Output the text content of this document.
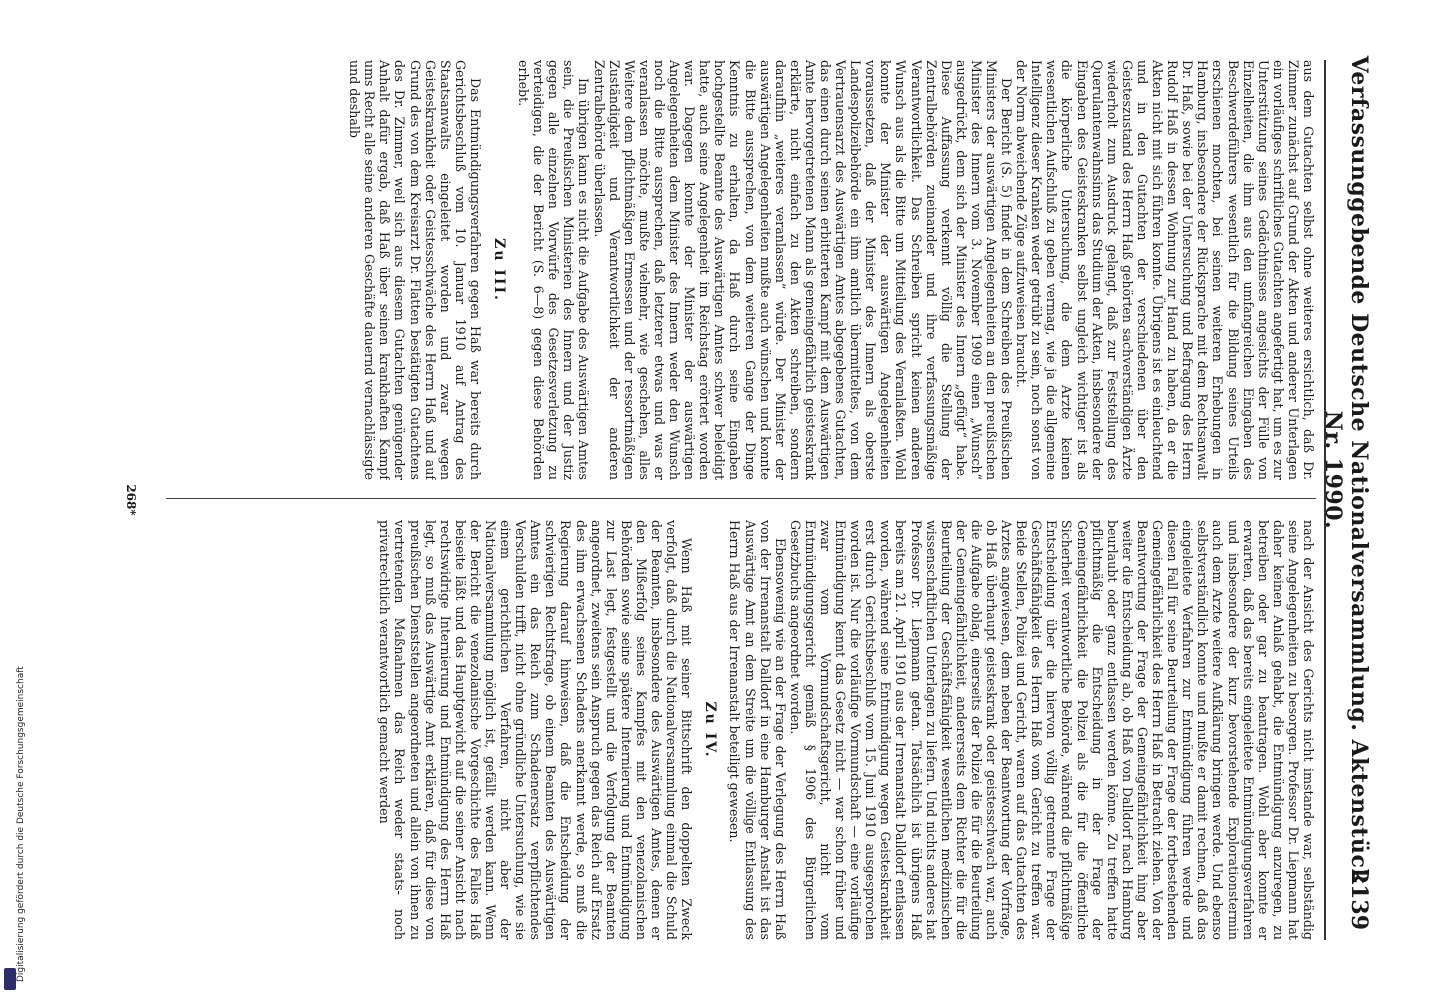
Verfassunggebende Deutsche Nationalversammlung. Aktenstück Nr. 1990.
2139

aus dem Gutachten selbst ohne weiteres ersichtlich, daß Dr. Zimmer zunächst auf Grund der Akten und anderer Unterlagen ein vorläufiges schriftliches Gutachten angefertigt hat, um es zur Unterstützung seines Gedächtnisses angesichts der Fülle von Einzelheiten, die ihm aus den umfangreichen Eingaben des Beschwerdeführers wesentlich für die Bildung seines Urteils erschienen mochten, bei seinen weiteren Erhebungen in Hamburg, insbesondere der Rücksprache mit dem Rechtsanwalt Dr. Haß, sowie bei der Untersuchung und Befragung des Herrn Rudolf Haß in dessen Wohnung zur Hand zu haben, da er die Akten nicht mit sich führen konnte. Übrigens ist es einleuchtend und in den Gutachten der verschiedenen über den Geisteszustand des Herrn Haß gehörten sachverständigen Ärzte wiederholt zum Ausdruck gelangt, daß zur Feststellung des Querulantenwahnsinns das Studium der Akten, insbesondere der Eingaben des Geisteskranken selbst ungleich wichtiger ist als die körperliche Untersuchung, die dem Arzte keinen wesentlichen Aufschluß zu geben vermag, wie ja die allgemeine Intelligenz dieser Kranken weder getrübt zu sein, noch sonst von der Norm abweichende Züge aufzuweisen braucht.

Der Bericht (S. 5) findet in dem Schreiben des Preußischen Ministers der auswärtigen Angelegenheiten an den preußischen Minister des Innern vom 3. November 1909 einen „Wunsch“ ausgedrückt, dem sich der Minister des Innern „gefügt“ habe. Diese Auffassung verkennt völlig die Stellung der Zentralbehörden zueinander und ihre verfassungsmäßige Verantwortlichkeit. Das Schreiben spricht keinen anderen Wunsch aus als die Bitte um Mitteilung des Veranlaßten. Wohl konnte der Minister der auswärtigen Angelegenheiten voraussetzen, daß der Minister des Innern als oberste Landespolizeibehörde ein ihm amtlich übermitteltes, von dem Vertrauensarzt des Auswärtigen Amtes abgegebenes Gutachten, das einen durch seinen erbitterten Kampf mit dem Auswärtigen Amte hervorgetretenen Mann als gemeingefährlich geisteskrank erklärte, nicht einfach zu den Akten schreiben, sondern daraufhin „weiteres veranlassen“ würde. Der Minister der auswärtigen Angelegenheiten mußte auch wünschen und konnte die Bitte aussprechen, von dem weiteren Gange der Dinge Kenntnis zu erhalten, da Haß durch seine Eingaben hochgestellte Beamte des Auswärtigen Amtes schwer beleidigt hatte, auch seine Angelegenheit im Reichstag erörtert worden war. Dagegen konnte der Minister der auswärtigen Angelegenheiten dem Minister des Innern weder den Wunsch noch die Bitte aussprechen, daß letzterer etwas und was er veranlassen möchte, mußte vielmehr, wie geschehen, alles Weitere dem pflichtmäßigen Ermessen und der ressortmäßigen Zuständigkeit und Verantwortlichkeit der anderen Zentralbehörde überlassen.

Im übrigen kann es nicht die Aufgabe des Auswärtigen Amtes sein, die Preußischen Ministerien des Innern und der Justiz gegen alle einzelnen Vorwürfe des Gesetzesverletzung zu verteidigen, die der Bericht (S. 6—8) gegen diese Behörden erhebt.

Zu III.

Das Entmündigungsverfahren gegen Haß war bereits durch Gerichtsbeschluß vom 10. Januar 1910 auf Antrag des Staatsanwalts eingeleitet worden und zwar wegen Geisteskrankheit oder Geistesschwäche des Herrn Haß und auf Grund des von dem Kreisarzt Dr. Flatten bestätigten Gutachtens des Dr. Zimmer, weil sich aus diesem Gutachten genügender Anhalt dafür ergab, daß Haß über seinen krankhaften Kampf ums Recht alle seine anderen Geschäfte dauernd vernachlässigte und deshalb

nach der Ansicht des Gerichts nicht imstande war, selbständig seine Angelegenheiten zu besorgen. Professor Dr. Liepmann hat daher keinen Anlaß gehabt, die Entmündigung anzuregen, zu betreiben oder gar zu beantragen. Wohl aber konnte er erwarten, daß das bereits eingeleitete Entmündigungsverfahren und insbesondere der kurz bevorstehende Explorationstermin auch dem Arzte weitere Aufklärung bringen werde. Und ebenso selbstverständlich konnte und mußte er damit rechnen, daß das eingeleitete Verfahren zur Entmündigung führen werde und diesen Fall für seine Beurteilung der Frage der fortbestehenden Gemeingefährlichkeit des Herrn Haß in Betracht ziehen. Von der Beantwortung der Frage der Gemeingefährlichkeit hing aber weiter die Entscheidung ab, ob Haß von Dalldorf nach Hamburg beurlaubt oder ganz entlassen werden könne. Zu treffen hatte pflichtmäßig die Entscheidung in der Frage der Gemeingefährlichkeit die Polizei als die für die öffentliche Sicherheit verantwortliche Behörde, während die pflichtmäßige Entscheidung über die hiervon völlig getrennte Frage der Geschäftsfähigkeit des Herrn Haß vom Gericht zu treffen war. Beide Stellen, Polizei und Gericht, waren auf das Gutachten des Arztes angewiesen, dem neben der Beantwortung der Vorfrage, ob Haß überhaupt geisteskrank oder geistesschwach war, auch die Aufgabe oblag, einerseits der Polizei die für die Beurteilung der Gemeingefährlichkeit, andererseits dem Richter die für die Beurteilung der Geschäftsfähigkeit wesentlichen medizinischen wissenschaftlichen Unterlagen zu liefern. Und nichts anderes hat Professor Dr. Liepmann getan. Tatsächlich ist übrigens Haß bereits am 21. April 1910 aus der Irrenanstalt Dalldorf entlassen worden, während seine Entmündigung wegen Geisteskrankheit erst durch Gerichtsbeschluß vom 15. Juni 1910 ausgesprochen worden ist. Nur die vorläufige Vormundschaft — eine vorläufige Entmündigung kennt das Gesetz nicht — war schon früher und zwar vom Vormundschaftsgericht, nicht vom Entmündigungsgericht gemäß § 1906 des Bürgerlichen Gesetzbuchs angeordnet worden.

Ebensowenig wie an der Frage der Verlegung des Herrn Haß von der Irrenanstalt Dalldorf in eine Hamburger Anstalt ist das Auswärtige Amt an dem Streite um die völlige Entlassung des Herrn Haß aus der Irrenanstalt beteiligt gewesen.

Zu IV.

Wenn Haß mit seiner Bittschrift den doppelten Zweck verfolgt, daß durch die Nationalversammlung einmal die Schuld der Beamten, insbesondere des Auswärtigen Amtes, denen er den Mißerfolg seines Kampfes mit den venezolanischen Behörden sowie seine spätere Internierung und Entmündigung zur Last legt, festgestellt und die Verfolgung der Beamten angeordnet, zweitens sein Anspruch gegen das Reich auf Ersatz des ihm erwachsenen Schadens anerkannt werde, so muß die Regierung darauf hinweisen, daß die Entscheidung der schwierigen Rechtsfrage, ob einem Beamten des Auswärtigen Amtes ein das Reich zum Schadenersatz verpflichtendes Verschulden trifft, nicht ohne gründliche Untersuchung, wie sie einem gerichtlichen Verfahren, nicht aber der Nationalversammlung möglich ist, gefällt werden kann. Wenn der Bericht die venezolanische Vorgeschichte des Falles Haß beiseite läßt und das Hauptgewicht auf die seiner Ansicht nach rechtswidrige Internierung und Entmündigung des Herrn Haß legt, so muß das Auswärtige Amt erklären, daß für diese von preußischen Dienststellen angeordneten und allein von ihnen zu vertretenden Maßnahmen das Reich weder staats- noch privatrechtlich verantwortlich gemacht werden

268*
Digitalisierung gefördert durch die Deutsche Forschungsgemeinschaft
